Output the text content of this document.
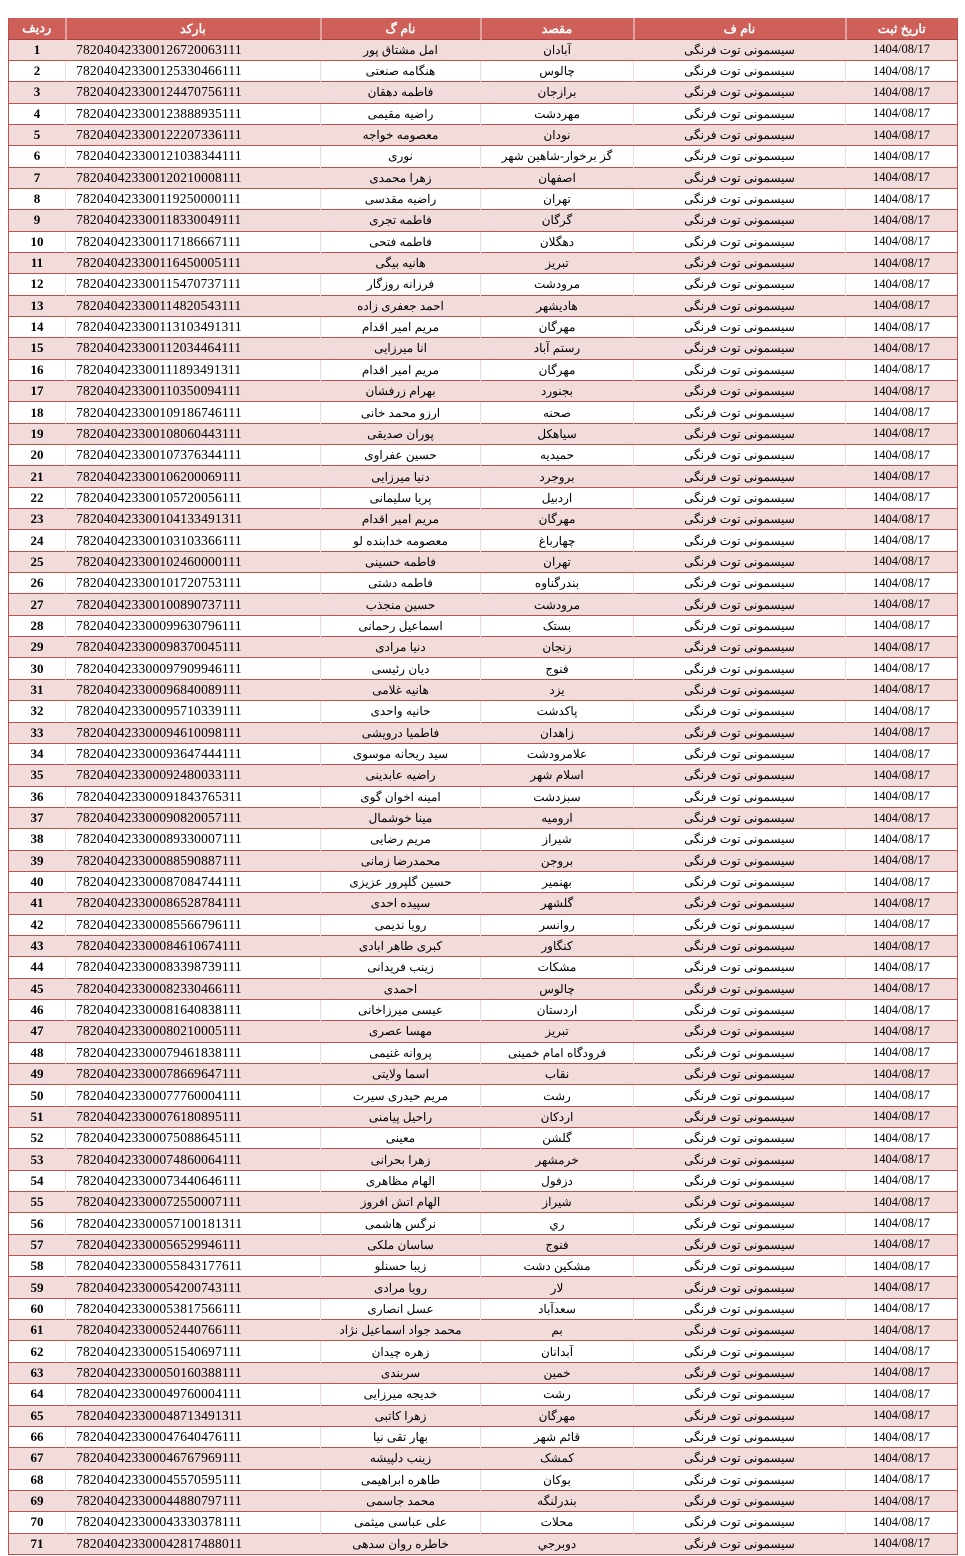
ردیف	بارکد	نام گ	مقصد	نام ف	تاریخ ثبت
1	782040423300126720063111	امل مشتاق پور	آبادان	سیسمونی توت فرنگی	1404/08/17
2	782040423300125330466111	هنگامه صنعتی	چالوس	سیسمونی توت فرنگی	1404/08/17
3	782040423300124470756111	فاطمه دهقان	برازجان	سیسمونی توت فرنگی	1404/08/17
4	782040423300123888935111	راضیه مقیمی	مهردشت	سیسمونی توت فرنگی	1404/08/17
5	782040423300122207336111	معصومه خواجه	نودان	سیسمونی توت فرنگی	1404/08/17
6	782040423300121038344111	نوری	گز برخوار-شاهین شهر	سیسمونی توت فرنگی	1404/08/17
7	782040423300120210008111	زهرا محمدی	اصفهان	سیسمونی توت فرنگی	1404/08/17
8	782040423300119250000111	راضیه مقدسی	تهران	سیسمونی توت فرنگی	1404/08/17
9	782040423300118330049111	فاطمه تجری	گرگان	سیسمونی توت فرنگی	1404/08/17
10	782040423300117186667111	فاطمه فتحی	دهگلان	سیسمونی توت فرنگی	1404/08/17
11	782040423300116450005111	هانیه بیگی	تبریز	سیسمونی توت فرنگی	1404/08/17
12	782040423300115470737111	فرزانه روزگار	مرودشت	سیسمونی توت فرنگی	1404/08/17
13	782040423300114820543111	احمد جعفری زاده	هادیشهر	سیسمونی توت فرنگی	1404/08/17
14	782040423300113103491311	مریم امیر اقدام	مهرگان	سیسمونی توت فرنگی	1404/08/17
15	782040423300112034464111	انا میرزایی	رستم آباد	سیسمونی توت فرنگی	1404/08/17
16	782040423300111893491311	مریم امیر اقدام	مهرگان	سیسمونی توت فرنگی	1404/08/17
17	782040423300110350094111	بهرام زرفشان	بجنورد	سیسمونی توت فرنگی	1404/08/17
18	782040423300109186746111	ارزو محمد خانی	صحنه	سیسمونی توت فرنگی	1404/08/17
19	782040423300108060443111	پوران صدیقی	سیاهکل	سیسمونی توت فرنگی	1404/08/17
20	782040423300107376344111	حسین عفراوی	حمیدیه	سیسمونی توت فرنگی	1404/08/17
21	782040423300106200069111	دنیا میرزایی	بروجرد	سیسمونی توت فرنگی	1404/08/17
22	782040423300105720056111	پریا سلیمانی	اردبیل	سیسمونی توت فرنگی	1404/08/17
23	782040423300104133491311	مریم امیر اقدام	مهرگان	سیسمونی توت فرنگی	1404/08/17
24	782040423300103103366111	معصومه خدابنده لو	چهارباغ	سیسمونی توت فرنگی	1404/08/17
25	782040423300102460000111	فاطمه حسینی	تهران	سیسمونی توت فرنگی	1404/08/17
26	782040423300101720753111	فاطمه دشتی	بندرگناوه	سیسمونی توت فرنگی	1404/08/17
27	782040423300100890737111	حسین منجذب	مرودشت	سیسمونی توت فرنگی	1404/08/17
28	782040423300099630796111	اسماعیل رحمانی	بستک	سیسمونی توت فرنگی	1404/08/17
29	782040423300098370045111	دنیا مرادی	زنجان	سیسمونی توت فرنگی	1404/08/17
30	782040423300097909946111	دیان رئیسی	فنوج	سیسمونی توت فرنگی	1404/08/17
31	782040423300096840089111	هانیه غلامی	یزد	سیسمونی توت فرنگی	1404/08/17
32	782040423300095710339111	حانیه واحدی	پاکدشت	سیسمونی توت فرنگی	1404/08/17
33	782040423300094610098111	فاطمیا درویشی	زاهدان	سیسمونی توت فرنگی	1404/08/17
34	782040423300093647444111	سید ریحانه موسوی	علامرودشت	سیسمونی توت فرنگی	1404/08/17
35	782040423300092480033111	راضیه عابدینی	اسلام شهر	سیسمونی توت فرنگی	1404/08/17
36	782040423300091843765311	امینه اخوان گوی	سبزدشت	سیسمونی توت فرنگی	1404/08/17
37	782040423300090820057111	مینا خوشمال	ارومیه	سیسمونی توت فرنگی	1404/08/17
38	782040423300089330007111	مریم رضایی	شیراز	سیسمونی توت فرنگی	1404/08/17
39	782040423300088590887111	محمدرضا زمانی	بروجن	سیسمونی توت فرنگی	1404/08/17
40	782040423300087084744111	حسین گلپرور عزیزی	بهنمیر	سیسمونی توت فرنگی	1404/08/17
41	782040423300086528784111	سپیده احدی	گلشهر	سیسمونی توت فرنگی	1404/08/17
42	782040423300085566796111	رویا ندیمی	روانسر	سیسمونی توت فرنگی	1404/08/17
43	782040423300084610674111	کبری طاهر ابادی	کنگاور	سیسمونی توت فرنگی	1404/08/17
44	782040423300083398739111	زینب فریدانی	مشکات	سیسمونی توت فرنگی	1404/08/17
45	782040423300082330466111	احمدی	چالوس	سیسمونی توت فرنگی	1404/08/17
46	782040423300081640838111	عیسی میرزاخانی	اردستان	سیسمونی توت فرنگی	1404/08/17
47	782040423300080210005111	مهسا عصری	تبریز	سیسمونی توت فرنگی	1404/08/17
48	782040423300079461838111	پروانه غنیمی	فرودگاه امام خمینی	سیسمونی توت فرنگی	1404/08/17
49	782040423300078669647111	اسما ولایتی	نقاب	سیسمونی توت فرنگی	1404/08/17
50	782040423300077760004111	مریم حیدری سیرت	رشت	سیسمونی توت فرنگی	1404/08/17
51	782040423300076180895111	راحیل پیامنی	اردکان	سیسمونی توت فرنگی	1404/08/17
52	782040423300075088645111	معینی	گلشن	سیسمونی توت فرنگی	1404/08/17
53	782040423300074860064111	زهرا بحرانی	خرمشهر	سیسمونی توت فرنگی	1404/08/17
54	782040423300073440646111	الهام مظاهری	دزفول	سیسمونی توت فرنگی	1404/08/17
55	782040423300072550007111	الهام اتش افروز	شیراز	سیسمونی توت فرنگی	1404/08/17
56	782040423300057100181311	نرگس هاشمی	ري	سیسمونی توت فرنگی	1404/08/17
57	782040423300056529946111	ساسان ملکی	فنوج	سیسمونی توت فرنگی	1404/08/17
58	782040423300055843177611	زیبا حسنلو	مشکین دشت	سیسمونی توت فرنگی	1404/08/17
59	782040423300054200743111	رویا مرادی	لار	سیسمونی توت فرنگی	1404/08/17
60	782040423300053817566111	عسل انصاری	سعدآباد	سیسمونی توت فرنگی	1404/08/17
61	782040423300052440766111	محمد جواد اسماعیل نژاد	بم	سیسمونی توت فرنگی	1404/08/17
62	782040423300051540697111	زهره چیدان	آبدانان	سیسمونی توت فرنگی	1404/08/17
63	782040423300050160388111	سربندی	خمین	سیسمونی توت فرنگی	1404/08/17
64	782040423300049760004111	خدیجه میرزایی	رشت	سیسمونی توت فرنگی	1404/08/17
65	782040423300048713491311	زهرا کاتبی	مهرگان	سیسمونی توت فرنگی	1404/08/17
66	782040423300047640476111	بهار تقی نیا	قائم شهر	سیسمونی توت فرنگی	1404/08/17
67	782040423300046767969111	زینب دلپیشه	کمشک	سیسمونی توت فرنگی	1404/08/17
68	782040423300045570595111	طاهره ابراهیمی	بوکان	سیسمونی توت فرنگی	1404/08/17
69	782040423300044880797111	محمد جاسمی	بندرلنگه	سیسمونی توت فرنگی	1404/08/17
70	782040423300043330378111	علی عباسی میثمی	محلات	سیسمونی توت فرنگی	1404/08/17
71	782040423300042817488011	خاطره روان سدهی	دوبرجي	سیسمونی توت فرنگی	1404/08/17
